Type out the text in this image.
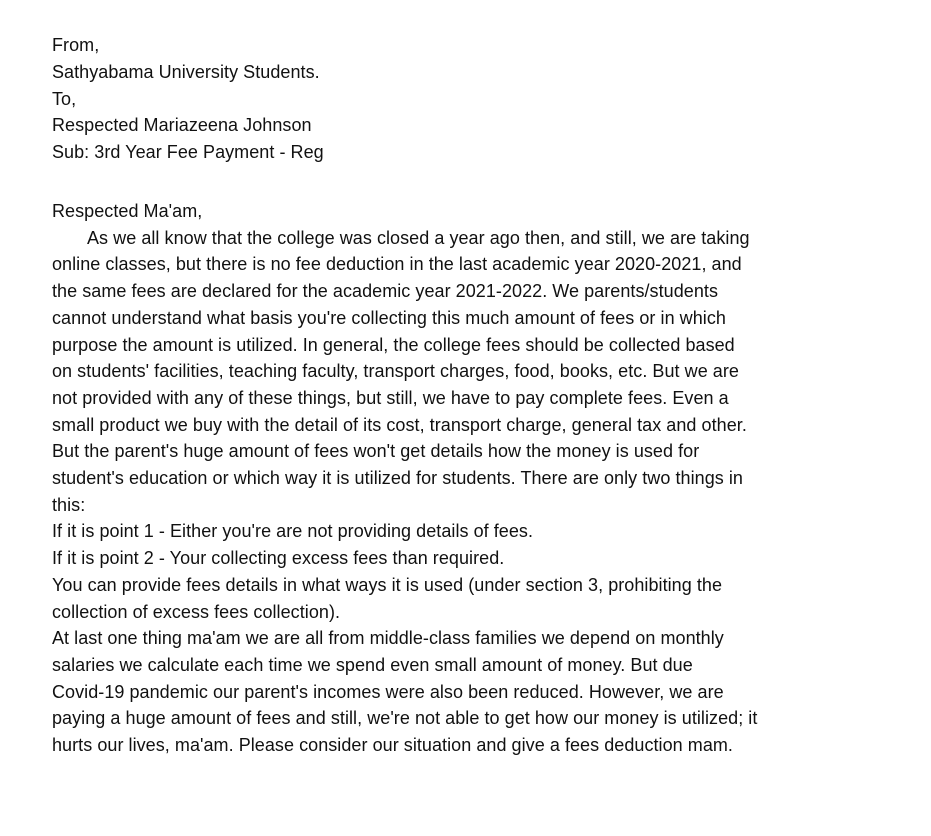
From,
Sathyabama University Students.
To,
Respected Mariazeena Johnson
Sub: 3rd Year Fee Payment - Reg
Respected Ma'am,
As we all know that the college was closed a year ago then, and still, we are taking
online classes, but there is no fee deduction in the last academic year 2020-2021, and
the same fees are declared for the academic year 2021-2022. We parents/students
cannot understand what basis you're collecting this much amount of fees or in which
purpose the amount is utilized. In general, the college fees should be collected based
on students' facilities, teaching faculty, transport charges, food, books, etc. But we are
not provided with any of these things, but still, we have to pay complete fees. Even a
small product we buy with the detail of its cost, transport charge, general tax and other.
But the parent's huge amount of fees won't get details how the money is used for
student's education or which way it is utilized for students. There are only two things in
this:
If it is point 1 - Either you're are not providing details of fees.
If it is point 2 - Your collecting excess fees than required.
You can provide fees details in what ways it is used (under section 3, prohibiting the
collection of excess fees collection).
At last one thing ma'am we are all from middle-class families we depend on monthly
salaries we calculate each time we spend even small amount of money. But due
Covid-19 pandemic our parent's incomes were also been reduced. However, we are
paying a huge amount of fees and still, we're not able to get how our money is utilized; it
hurts our lives, ma'am. Please consider our situation and give a fees deduction mam.
